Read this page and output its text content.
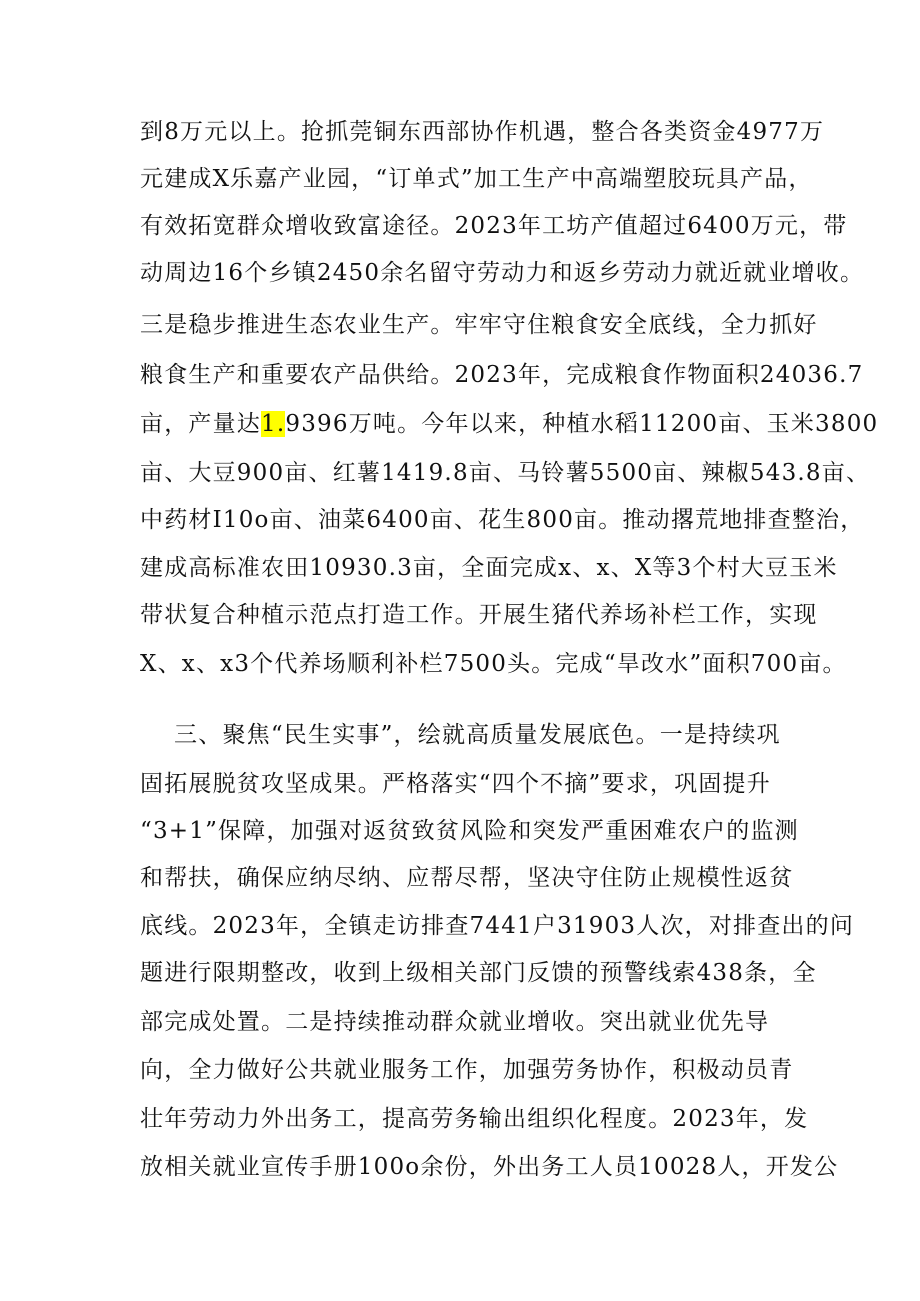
到8万元以上。抢抓莞铜东西部协作机遇，整合各类资金4977万
元建成X乐嘉产业园，“订单式”加工生产中高端塑胶玩具产品，
有效拓宽群众增收致富途径。2023年工坊产值超过6400万元，带
动周边16个乡镇2450余名留守劳动力和返乡劳动力就近就业增收。
三是稳步推进生态农业生产。牢牢守住粮食安全底线，全力抓好
粮食生产和重要农产品供给。2023年，完成粮食作物面积24036.7
亩，产量达1.9396万吨。今年以来，种植水稻11200亩、玉米3800
亩、大豆900亩、红薯1419.8亩、马铃薯5500亩、辣椒543.8亩、
中药材I10o亩、油菜6400亩、花生800亩。推动撂荒地排查整治，
建成高标准农田10930.3亩，全面完成x、x、X等3个村大豆玉米
带状复合种植示范点打造工作。开展生猪代养场补栏工作，实现
X、x、x3个代养场顺利补栏7500头。完成“旱改水”面积700亩。
三、聚焦“民生实事”，绘就高质量发展底色。一是持续巩
固拓展脱贫攻坚成果。严格落实“四个不摘”要求，巩固提升
“3+1”保障，加强对返贫致贫风险和突发严重困难农户的监测
和帮扶，确保应纳尽纳、应帮尽帮，坚决守住防止规模性返贫
底线。2023年，全镇走访排查7441户31903人次，对排查出的问
题进行限期整改，收到上级相关部门反馈的预警线索438条，全
部完成处置。二是持续推动群众就业增收。突出就业优先导
向，全力做好公共就业服务工作，加强劳务协作，积极动员青
壮年劳动力外出务工，提高劳务输出组织化程度。2023年，发
放相关就业宣传手册100o余份，外出务工人员10028人，开发公
